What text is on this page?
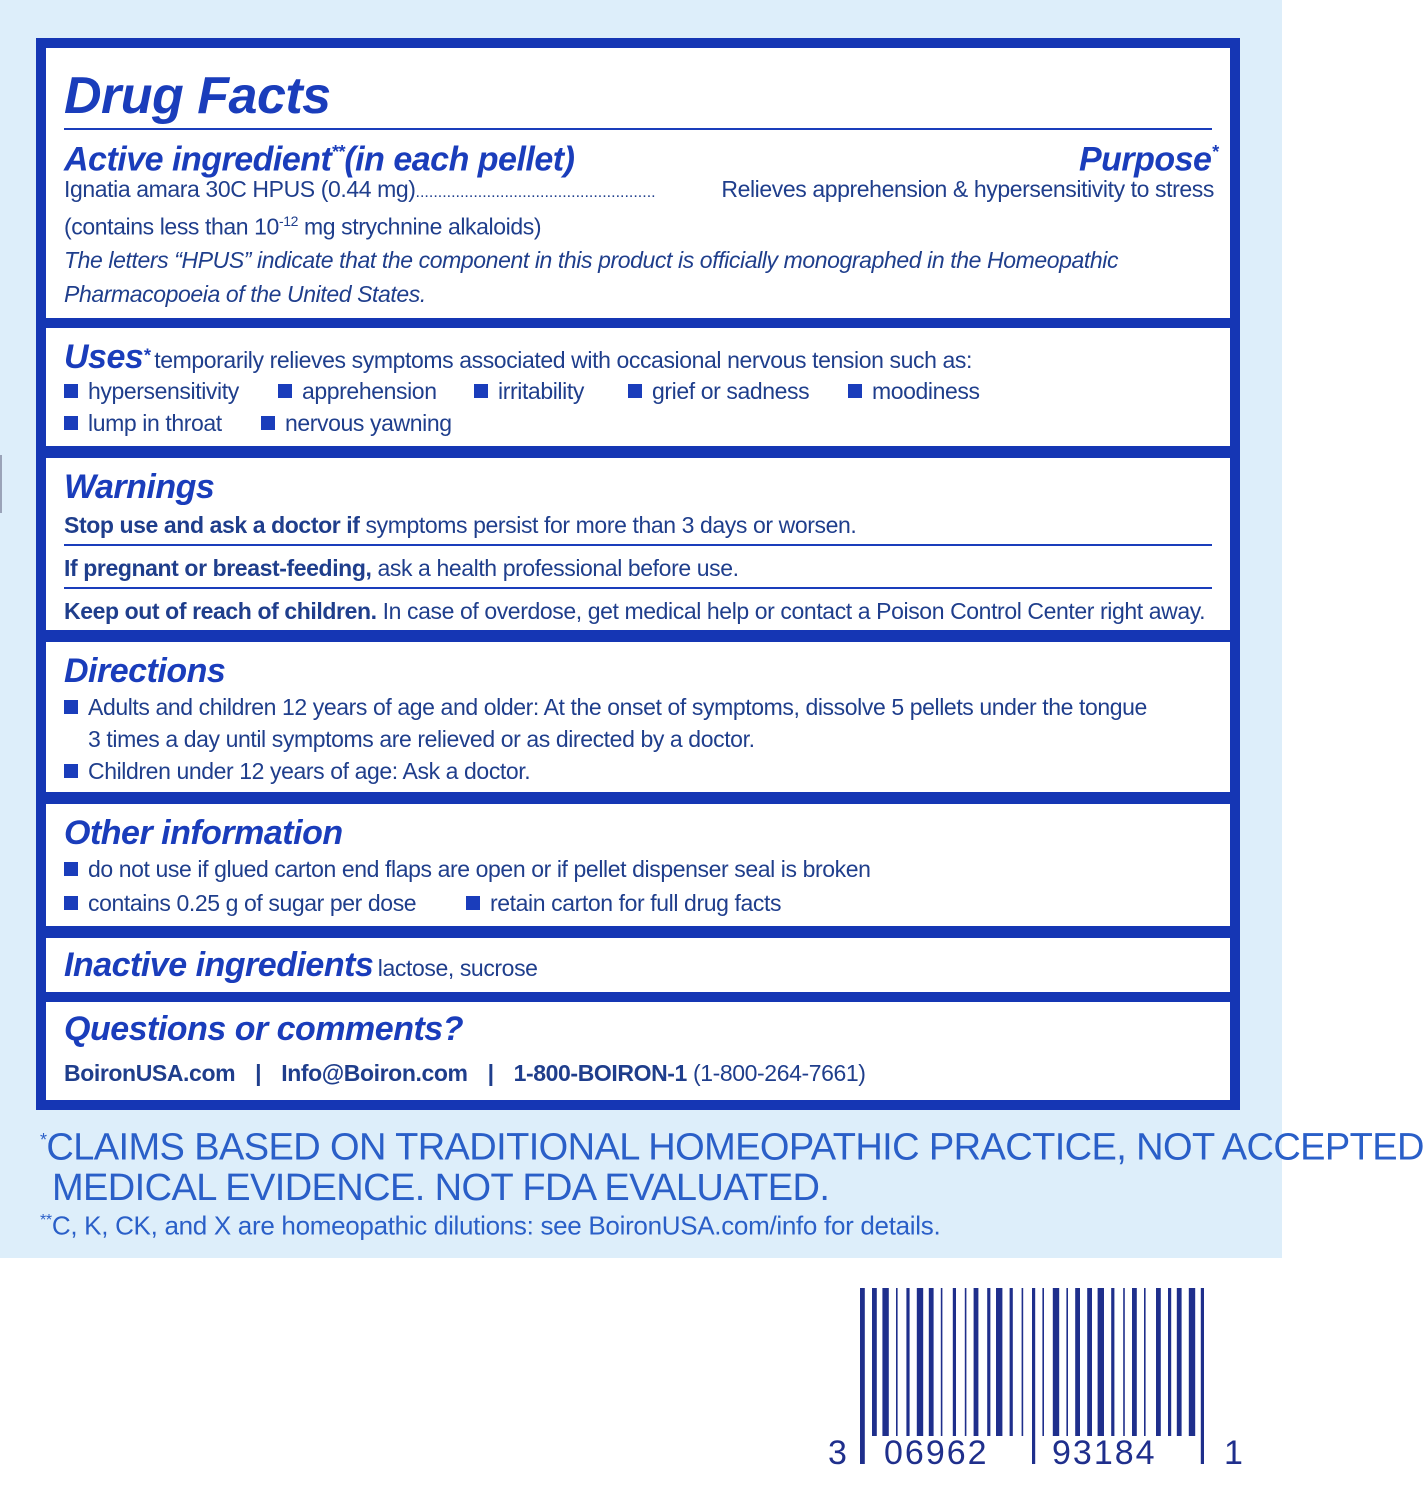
Drug Facts
Active ingredient**(in each pellet)	Purpose*
Ignatia amara 30C HPUS (0.44 mg)......................................................	Relieves apprehension & hypersensitivity to stress
(contains less than $10^{-12}$ mg strychnine alkaloids)
The letters “HPUS” indicate that the component in this product is officially monographed in the Homeopathic
Pharmacopoeia of the United States.
Uses* temporarily relieves symptoms associated with occasional nervous tension such as:
hypersensitivity	apprehension	irritability	grief or sadness	moodiness
lump in throat	nervous yawning
Warnings
Stop use and ask a doctor if symptoms persist for more than 3 days or worsen.
If pregnant or breast-feeding, ask a health professional before use.
Keep out of reach of children. In case of overdose, get medical help or contact a Poison Control Center right away.
Directions
Adults and children 12 years of age and older: At the onset of symptoms, dissolve 5 pellets under the tongue
3 times a day until symptoms are relieved or as directed by a doctor.
Children under 12 years of age: Ask a doctor.
Other information
do not use if glued carton end flaps are open or if pellet dispenser seal is broken
contains 0.25 g of sugar per dose	retain carton for full drug facts
Inactive ingredients lactose, sucrose
Questions or comments?
BoironUSA.com | Info@Boiron.com | 1-800-BOIRON-1 (1-800-264-7661)
*CLAIMS BASED ON TRADITIONAL HOMEOPATHIC PRACTICE, NOT ACCEPTED
MEDICAL EVIDENCE. NOT FDA EVALUATED.
**C, K, CK, and X are homeopathic dilutions: see BoironUSA.com/info for details.
3 06962 93184 1
